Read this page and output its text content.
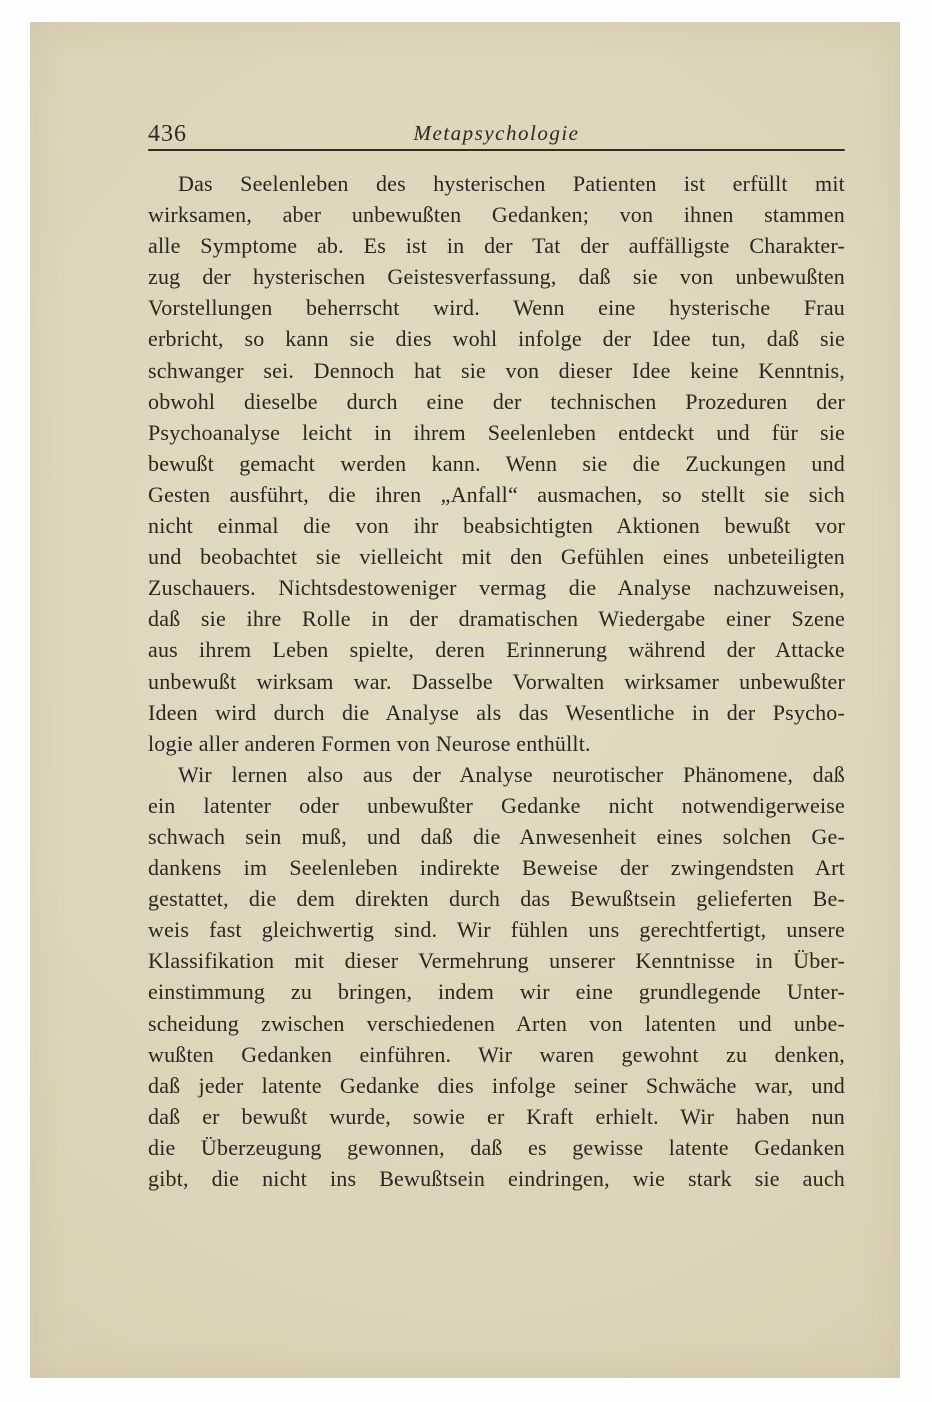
436	Metapsychologie
Das Seelenleben des hysterischen Patienten ist erfüllt mit
wirksamen, aber unbewußten Gedanken; von ihnen stammen
alle Symptome ab. Es ist in der Tat der auffälligste Charakter-
zug der hysterischen Geistesverfassung, daß sie von unbewußten
Vorstellungen beherrscht wird. Wenn eine hysterische Frau
erbricht, so kann sie dies wohl infolge der Idee tun, daß sie
schwanger sei. Dennoch hat sie von dieser Idee keine Kenntnis,
obwohl dieselbe durch eine der technischen Prozeduren der
Psychoanalyse leicht in ihrem Seelenleben entdeckt und für sie
bewußt gemacht werden kann. Wenn sie die Zuckungen und
Gesten ausführt, die ihren „Anfall“ ausmachen, so stellt sie sich
nicht einmal die von ihr beabsichtigten Aktionen bewußt vor
und beobachtet sie vielleicht mit den Gefühlen eines unbeteiligten
Zuschauers. Nichtsdestoweniger vermag die Analyse nachzuweisen,
daß sie ihre Rolle in der dramatischen Wiedergabe einer Szene
aus ihrem Leben spielte, deren Erinnerung während der Attacke
unbewußt wirksam war. Dasselbe Vorwalten wirksamer unbewußter
Ideen wird durch die Analyse als das Wesentliche in der Psycho-
logie aller anderen Formen von Neurose enthüllt.
Wir lernen also aus der Analyse neurotischer Phänomene, daß
ein latenter oder unbewußter Gedanke nicht notwendigerweise
schwach sein muß, und daß die Anwesenheit eines solchen Ge-
dankens im Seelenleben indirekte Beweise der zwingendsten Art
gestattet, die dem direkten durch das Bewußtsein gelieferten Be-
weis fast gleichwertig sind. Wir fühlen uns gerechtfertigt, unsere
Klassifikation mit dieser Vermehrung unserer Kenntnisse in Über-
einstimmung zu bringen, indem wir eine grundlegende Unter-
scheidung zwischen verschiedenen Arten von latenten und unbe-
wußten Gedanken einführen. Wir waren gewohnt zu denken,
daß jeder latente Gedanke dies infolge seiner Schwäche war, und
daß er bewußt wurde, sowie er Kraft erhielt. Wir haben nun
die Überzeugung gewonnen, daß es gewisse latente Gedanken
gibt, die nicht ins Bewußtsein eindringen, wie stark sie auch
